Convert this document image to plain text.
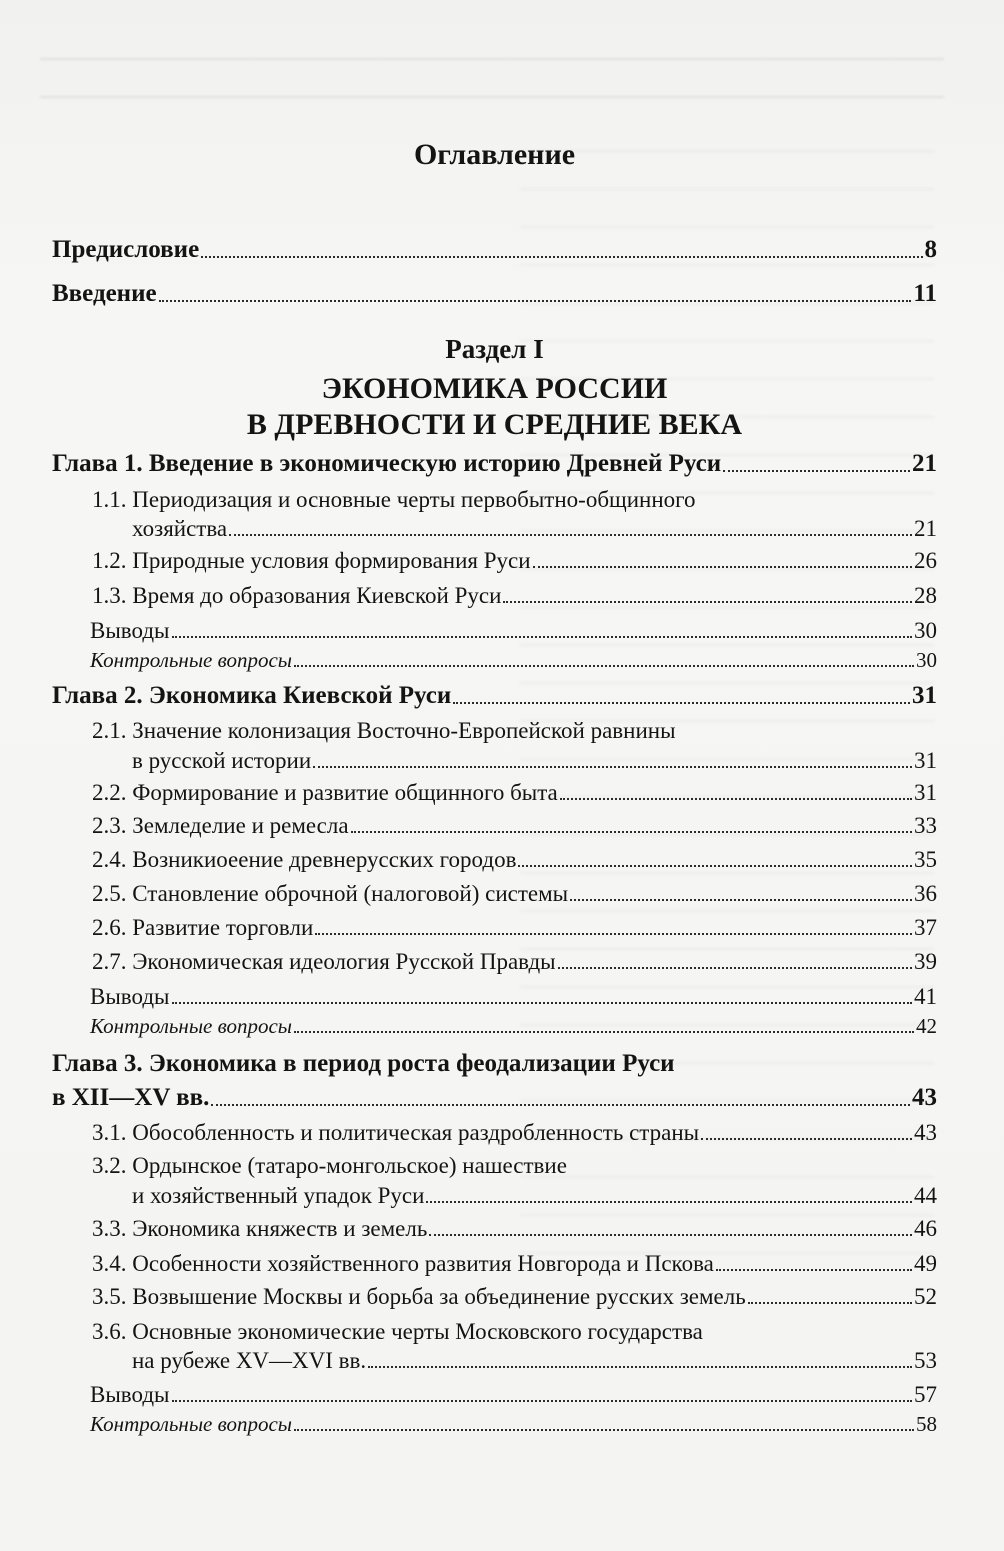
Оглавление
Предисловие	8
Введение	11
Раздел I
ЭКОНОМИКА РОССИИ
В ДРЕВНОСТИ И СРЕДНИЕ ВЕКА
Глава 1. Введение в экономическую историю Древней Руси	21
1.1. Периодизация и основные черты первобытно-общинного
хозяйства	21
1.2. Природные условия формирования Руси	26
1.3. Время до образования Киевской Руси	28
Выводы	30
Контрольные вопросы	30
Глава 2. Экономика Киевской Руси	31
2.1. Значение колонизация Восточно-Европейской равнины
в русской истории	31
2.2. Формирование и развитие общинного быта	31
2.3. Земледелие и ремесла	33
2.4. Возникиоеение древнерусских городов	35
2.5. Становление оброчной (налоговой) системы	36
2.6. Развитие торговли	37
2.7. Экономическая идеология Русской Правды	39
Выводы	41
Контрольные вопросы	42
Глава 3. Экономика в период роста феодализации Руси
в XII—XV вв.	43
3.1. Обособленность и политическая раздробленность страны	43
3.2. Ордынское (татаро-монгольское) нашествие
и хозяйственный упадок Руси	44
3.3. Экономика княжеств и земель	46
3.4. Особенности хозяйственного развития Новгорода и Пскова	49
3.5. Возвышение Москвы и борьба за объединение русских земель	52
3.6. Основные экономические черты Московского государства
на рубеже XV—XVI вв.	53
Выводы	57
Контрольные вопросы	58
